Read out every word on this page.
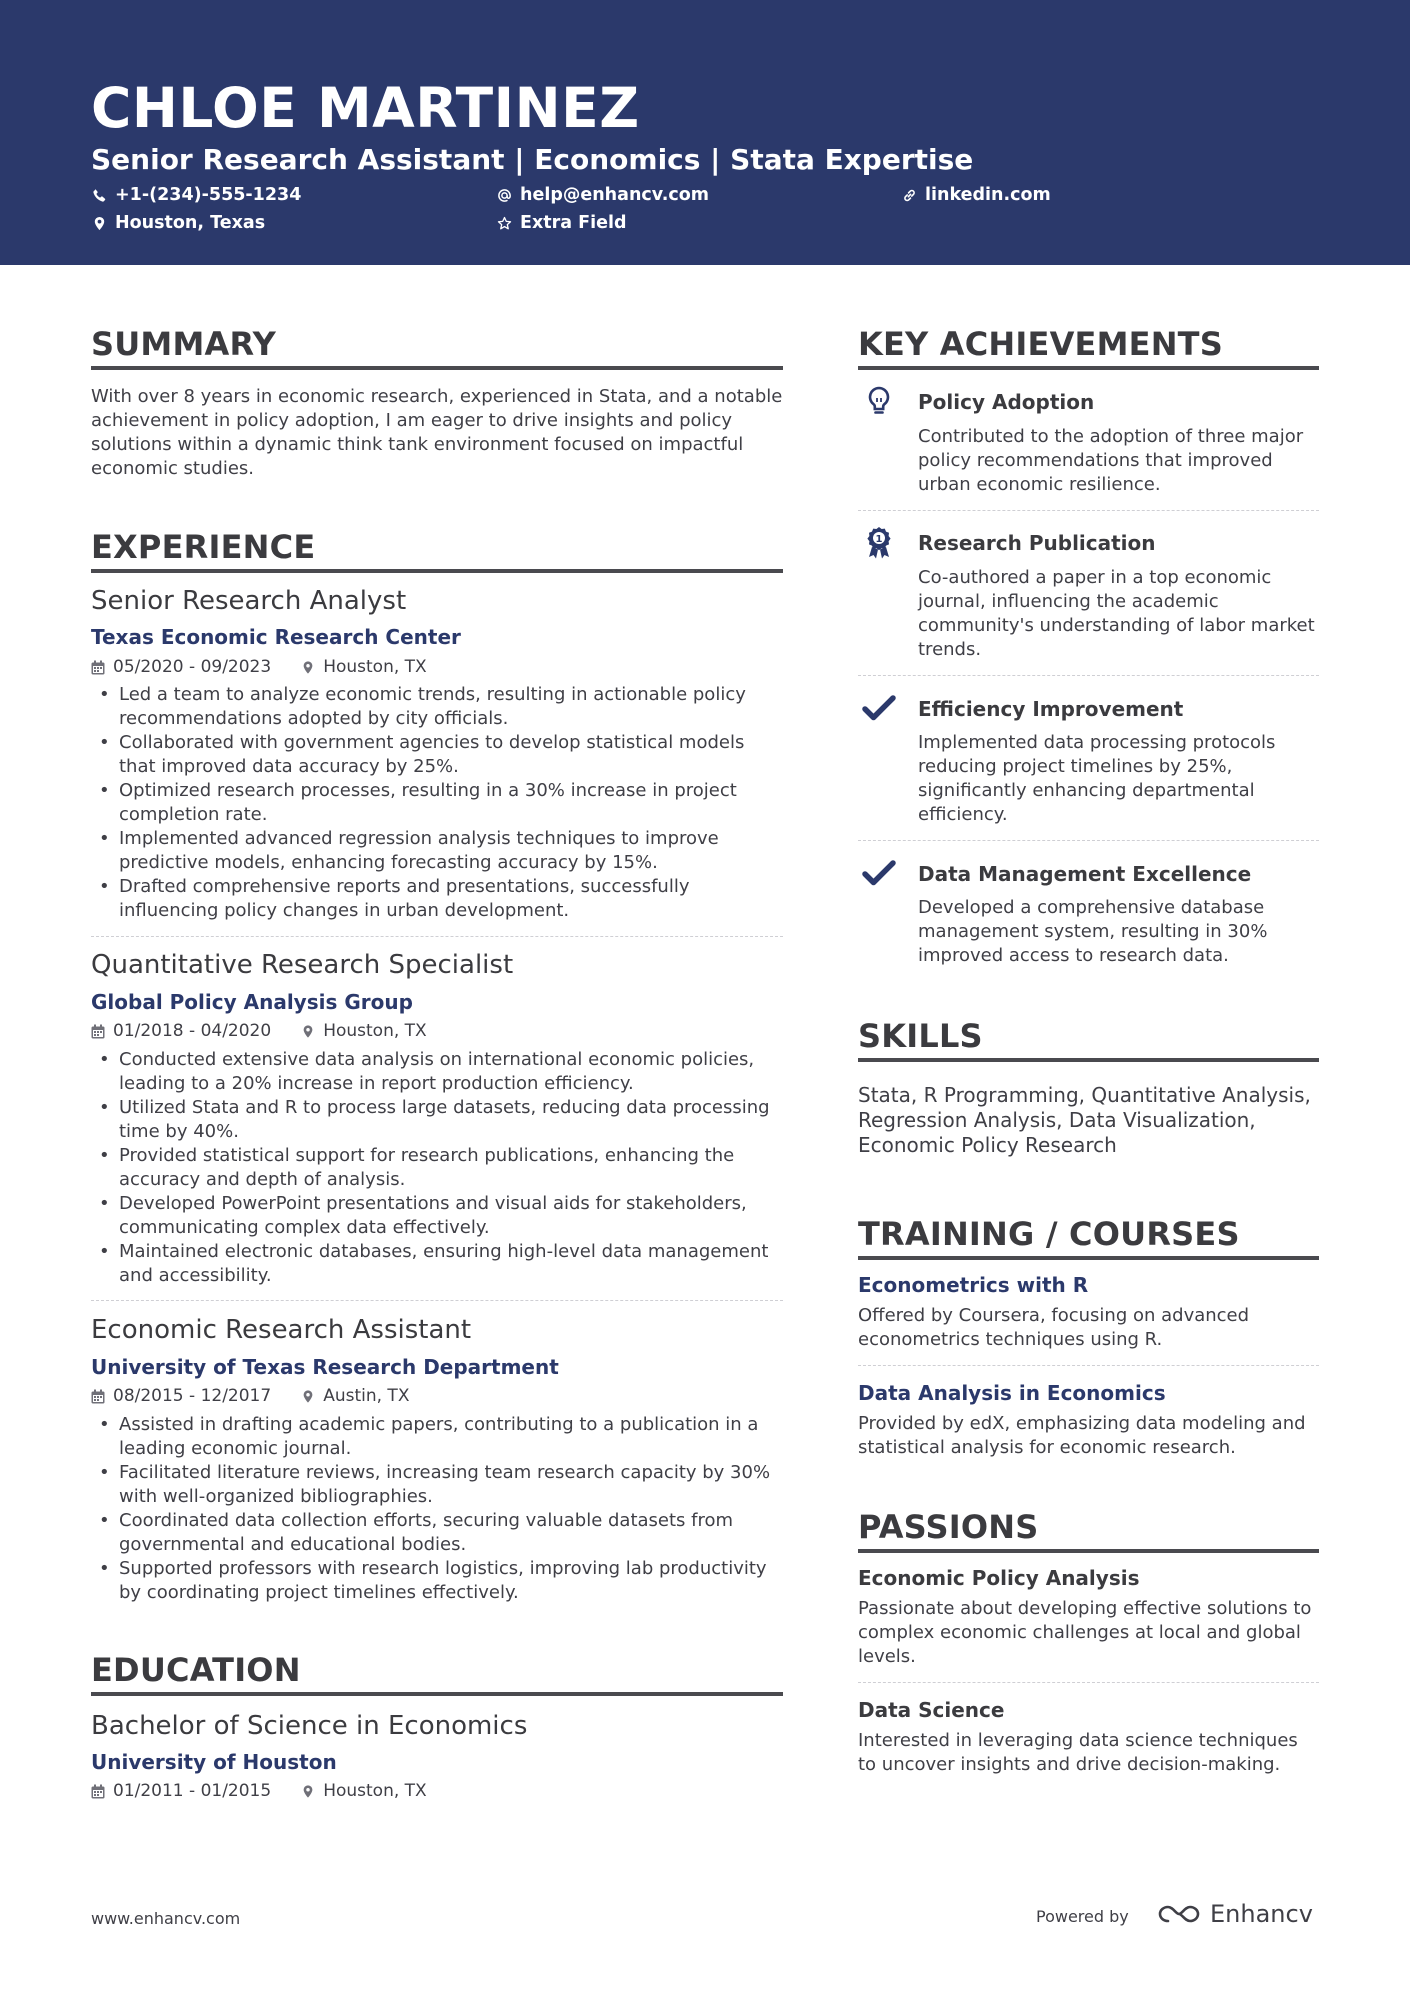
CHLOE MARTINEZ
Senior Research Assistant | Economics | Stata Expertise
+1-(234)-555-1234	help@enhancv.com	linkedin.com
Houston, Texas	Extra Field
SUMMARY
With over 8 years in economic research, experienced in Stata, and a notable achievement in policy adoption, I am eager to drive insights and policy solutions within a dynamic think tank environment focused on impactful economic studies.
EXPERIENCE
Senior Research Analyst
Texas Economic Research Center
05/2020 - 09/2023	Houston, TX
• Led a team to analyze economic trends, resulting in actionable policy recommendations adopted by city officials.
• Collaborated with government agencies to develop statistical models that improved data accuracy by 25%.
• Optimized research processes, resulting in a 30% increase in project completion rate.
• Implemented advanced regression analysis techniques to improve predictive models, enhancing forecasting accuracy by 15%.
• Drafted comprehensive reports and presentations, successfully influencing policy changes in urban development.
Quantitative Research Specialist
Global Policy Analysis Group
01/2018 - 04/2020	Houston, TX
• Conducted extensive data analysis on international economic policies, leading to a 20% increase in report production efficiency.
• Utilized Stata and R to process large datasets, reducing data processing time by 40%.
• Provided statistical support for research publications, enhancing the accuracy and depth of analysis.
• Developed PowerPoint presentations and visual aids for stakeholders, communicating complex data effectively.
• Maintained electronic databases, ensuring high-level data management and accessibility.
Economic Research Assistant
University of Texas Research Department
08/2015 - 12/2017	Austin, TX
• Assisted in drafting academic papers, contributing to a publication in a leading economic journal.
• Facilitated literature reviews, increasing team research capacity by 30% with well-organized bibliographies.
• Coordinated data collection efforts, securing valuable datasets from governmental and educational bodies.
• Supported professors with research logistics, improving lab productivity by coordinating project timelines effectively.
EDUCATION
Bachelor of Science in Economics
University of Houston
01/2011 - 01/2015	Houston, TX
KEY ACHIEVEMENTS
Policy Adoption
Contributed to the adoption of three major policy recommendations that improved urban economic resilience.
1 Research Publication
Co-authored a paper in a top economic journal, influencing the academic community's understanding of labor market trends.
Efficiency Improvement
Implemented data processing protocols reducing project timelines by 25%, significantly enhancing departmental efficiency.
Data Management Excellence
Developed a comprehensive database management system, resulting in 30% improved access to research data.
SKILLS
Stata, R Programming, Quantitative Analysis, Regression Analysis, Data Visualization, Economic Policy Research
TRAINING / COURSES
Econometrics with R
Offered by Coursera, focusing on advanced econometrics techniques using R.
Data Analysis in Economics
Provided by edX, emphasizing data modeling and statistical analysis for economic research.
PASSIONS
Economic Policy Analysis
Passionate about developing effective solutions to complex economic challenges at local and global levels.
Data Science
Interested in leveraging data science techniques to uncover insights and drive decision-making.
www.enhancv.com	Powered by	Enhancv
